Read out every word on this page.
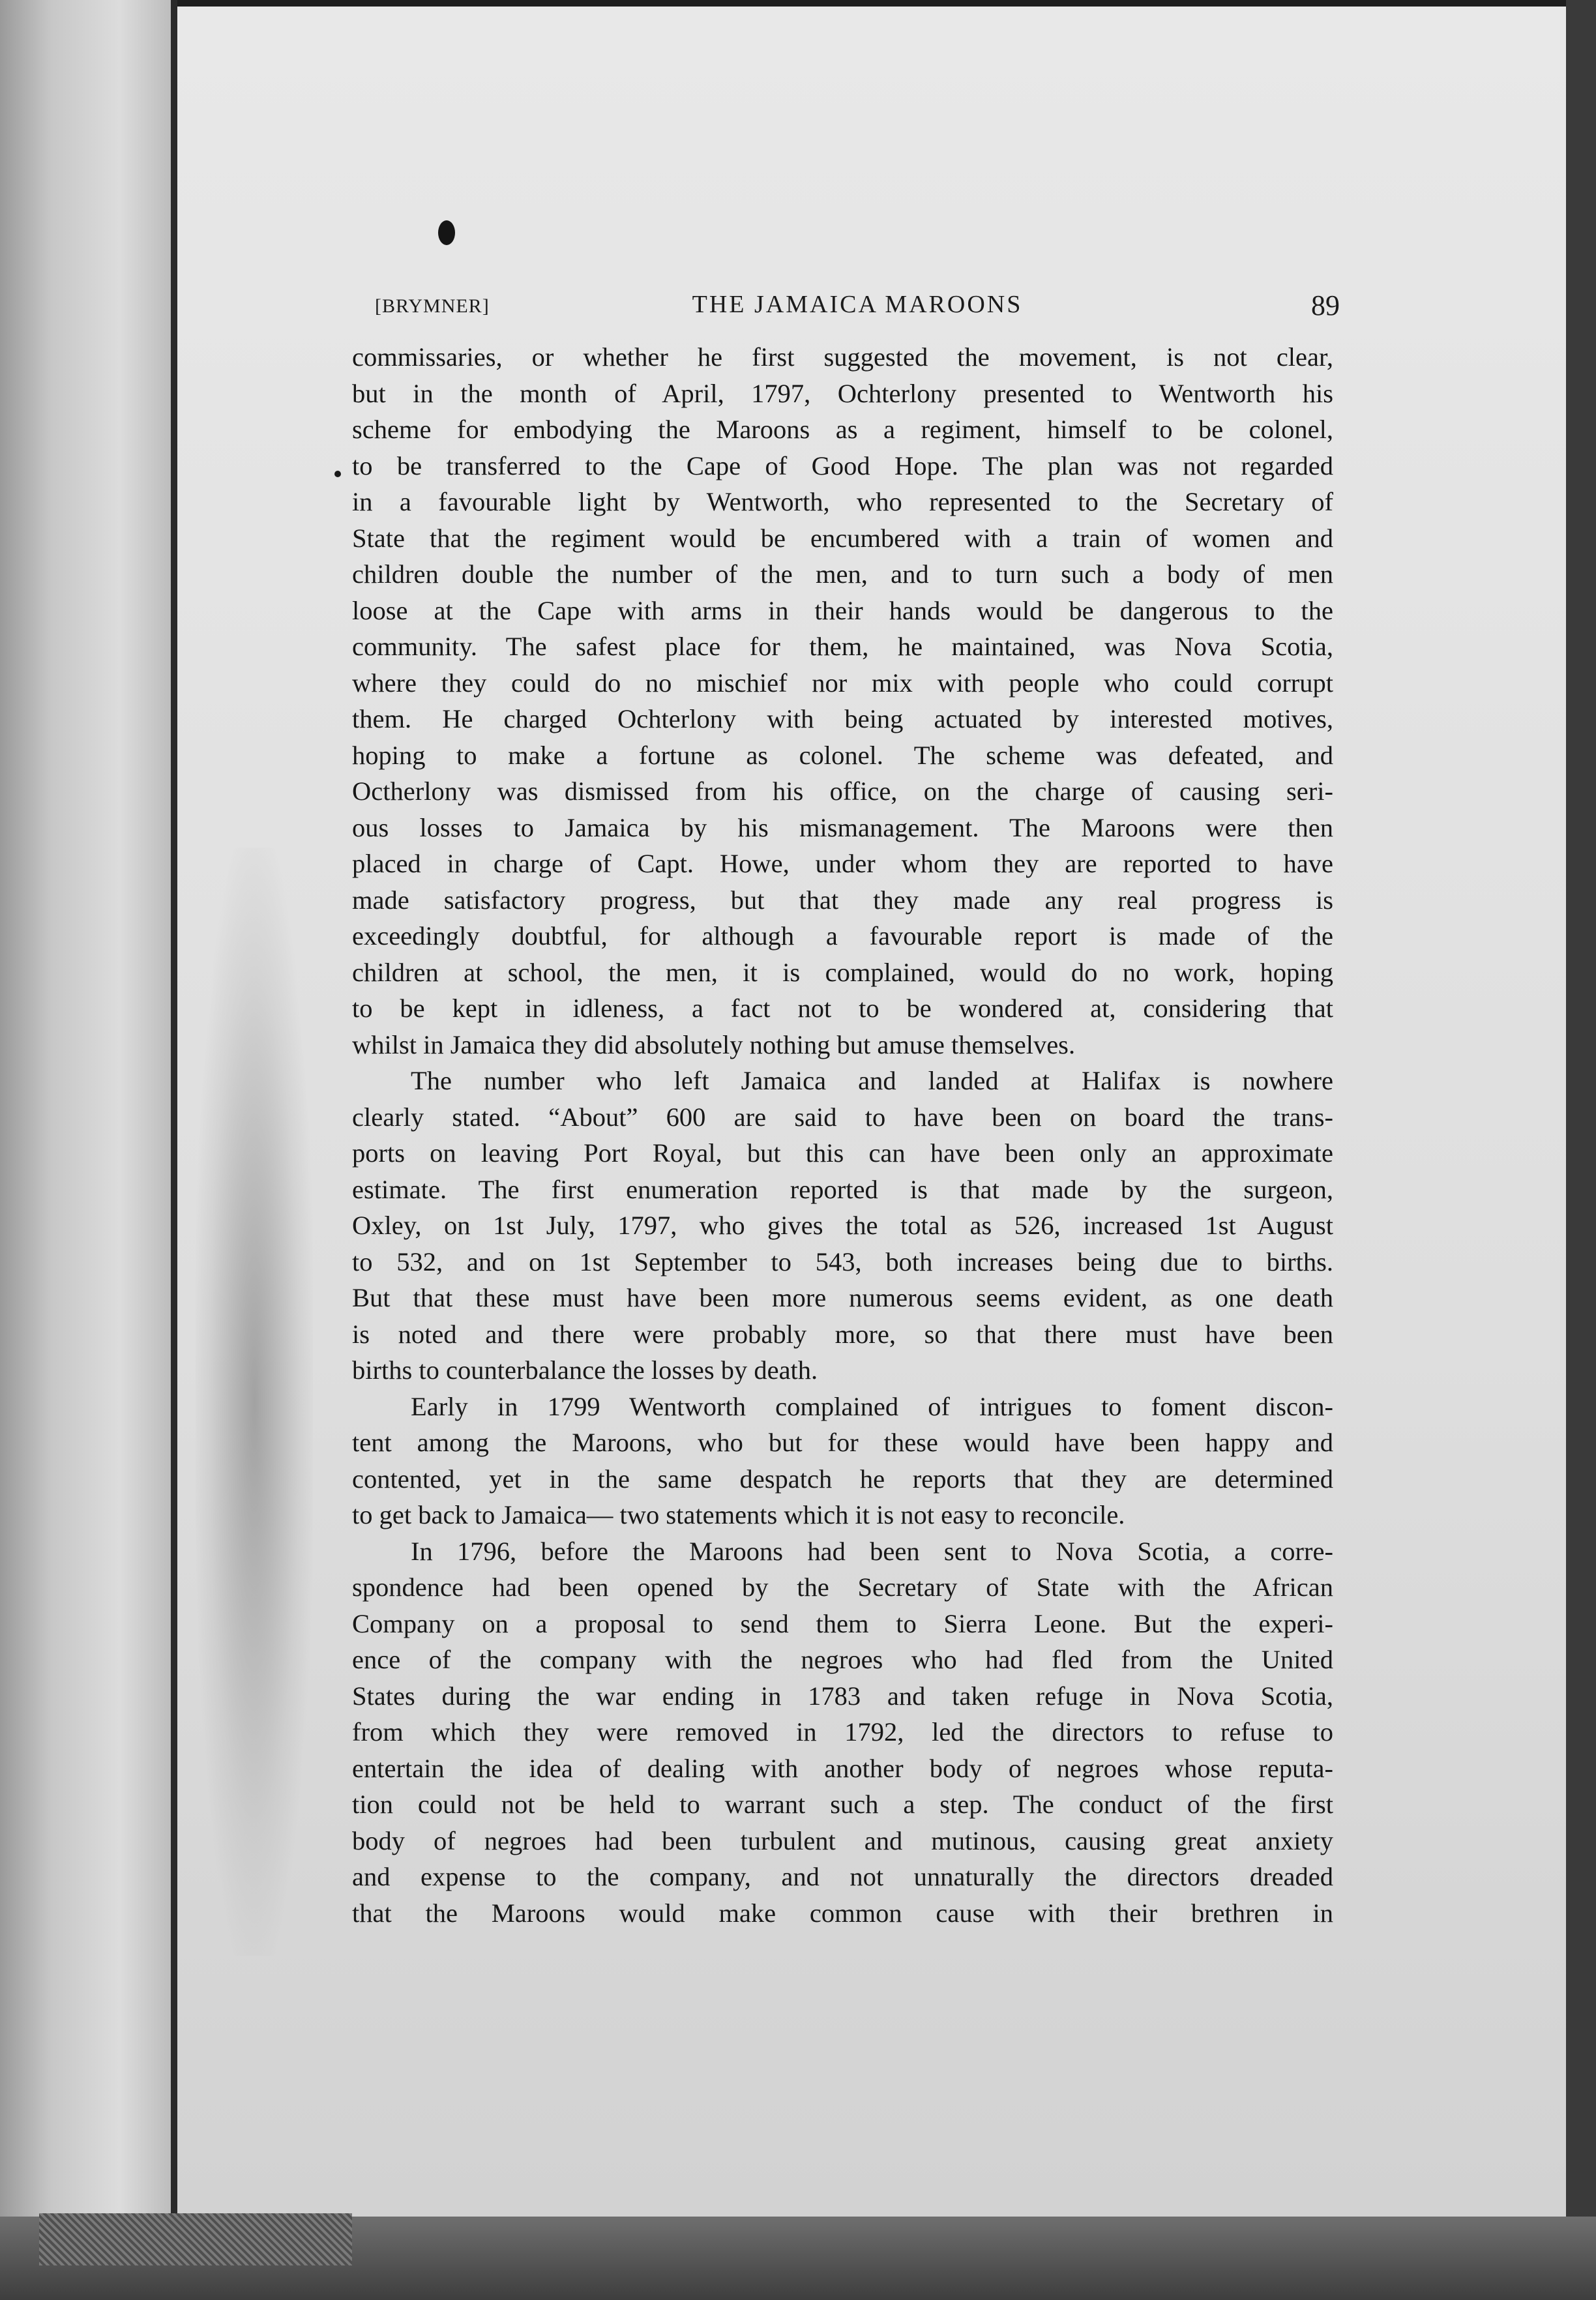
[BRYMNER]	THE JAMAICA MAROONS	89
commissaries, or whether he first suggested the movement, is not clear,
but in the month of April, 1797, Ochterlony presented to Wentworth his
scheme for embodying the Maroons as a regiment, himself to be colonel,
to be transferred to the Cape of Good Hope. The plan was not regarded
in a favourable light by Wentworth, who represented to the Secretary of
State that the regiment would be encumbered with a train of women and
children double the number of the men, and to turn such a body of men
loose at the Cape with arms in their hands would be dangerous to the
community. The safest place for them, he maintained, was Nova Scotia,
where they could do no mischief nor mix with people who could corrupt
them. He charged Ochterlony with being actuated by interested motives,
hoping to make a fortune as colonel. The scheme was defeated, and
Octherlony was dismissed from his office, on the charge of causing seri-
ous losses to Jamaica by his mismanagement. The Maroons were then
placed in charge of Capt. Howe, under whom they are reported to have
made satisfactory progress, but that they made any real progress is
exceedingly doubtful, for although a favourable report is made of the
children at school, the men, it is complained, would do no work, hoping
to be kept in idleness, a fact not to be wondered at, considering that
whilst in Jamaica they did absolutely nothing but amuse themselves.
The number who left Jamaica and landed at Halifax is nowhere
clearly stated. “About” 600 are said to have been on board the trans-
ports on leaving Port Royal, but this can have been only an approximate
estimate. The first enumeration reported is that made by the surgeon,
Oxley, on 1st July, 1797, who gives the total as 526, increased 1st August
to 532, and on 1st September to 543, both increases being due to births.
But that these must have been more numerous seems evident, as one death
is noted and there were probably more, so that there must have been
births to counterbalance the losses by death.
Early in 1799 Wentworth complained of intrigues to foment discon-
tent among the Maroons, who but for these would have been happy and
contented, yet in the same despatch he reports that they are determined
to get back to Jamaica— two statements which it is not easy to reconcile.
In 1796, before the Maroons had been sent to Nova Scotia, a corre-
spondence had been opened by the Secretary of State with the African
Company on a proposal to send them to Sierra Leone. But the experi-
ence of the company with the negroes who had fled from the United
States during the war ending in 1783 and taken refuge in Nova Scotia,
from which they were removed in 1792, led the directors to refuse to
entertain the idea of dealing with another body of negroes whose reputa-
tion could not be held to warrant such a step. The conduct of the first
body of negroes had been turbulent and mutinous, causing great anxiety
and expense to the company, and not unnaturally the directors dreaded
that the Maroons would make common cause with their brethren in
